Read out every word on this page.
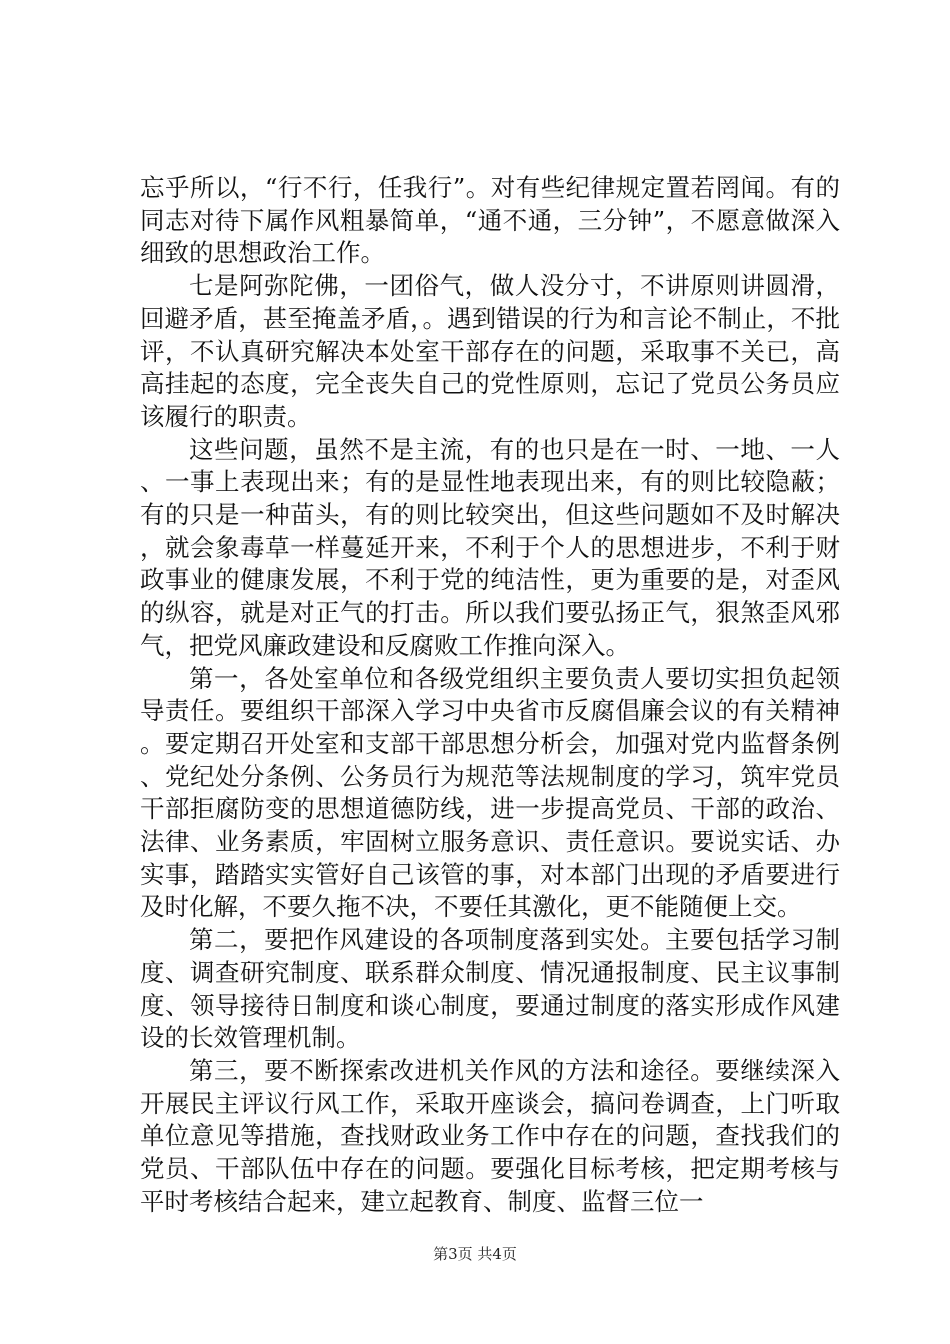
忘乎所以，“行不行，任我行”。对有些纪律规定置若罔闻。有的同志对待下属作风粗暴简单，“通不通，三分钟”，不愿意做深入细致的思想政治工作。

七是阿弥陀佛，一团俗气，做人没分寸，不讲原则讲圆滑，回避矛盾，甚至掩盖矛盾，。遇到错误的行为和言论不制止，不批评，不认真研究解决本处室干部存在的问题，采取事不关已，高高挂起的态度，完全丧失自己的党性原则，忘记了党员公务员应该履行的职责。

这些问题，虽然不是主流，有的也只是在一时、一地、一人、一事上表现出来；有的是显性地表现出来，有的则比较隐蔽；有的只是一种苗头，有的则比较突出，但这些问题如不及时解决，就会象毒草一样蔓延开来，不利于个人的思想进步，不利于财政事业的健康发展，不利于党的纯洁性，更为重要的是，对歪风的纵容，就是对正气的打击。所以我们要弘扬正气，狠煞歪风邪气，把党风廉政建设和反腐败工作推向深入。

第一，各处室单位和各级党组织主要负责人要切实担负起领导责任。要组织干部深入学习中央省市反腐倡廉会议的有关精神。要定期召开处室和支部干部思想分析会，加强对党内监督条例、党纪处分条例、公务员行为规范等法规制度的学习，筑牢党员干部拒腐防变的思想道德防线，进一步提高党员、干部的政治、法律、业务素质，牢固树立服务意识、责任意识。要说实话、办实事，踏踏实实管好自己该管的事，对本部门出现的矛盾要进行及时化解，不要久拖不决，不要任其激化，更不能随便上交。

第二，要把作风建设的各项制度落到实处。主要包括学习制度、调查研究制度、联系群众制度、情况通报制度、民主议事制度、领导接待日制度和谈心制度，要通过制度的落实形成作风建设的长效管理机制。

第三，要不断探索改进机关作风的方法和途径。要继续深入开展民主评议行风工作，采取开座谈会，搞问卷调查，上门听取单位意见等措施，查找财政业务工作中存在的问题，查找我们的党员、干部队伍中存在的问题。要强化目标考核，把定期考核与平时考核结合起来，建立起教育、制度、监督三位一

第3页 共4页
